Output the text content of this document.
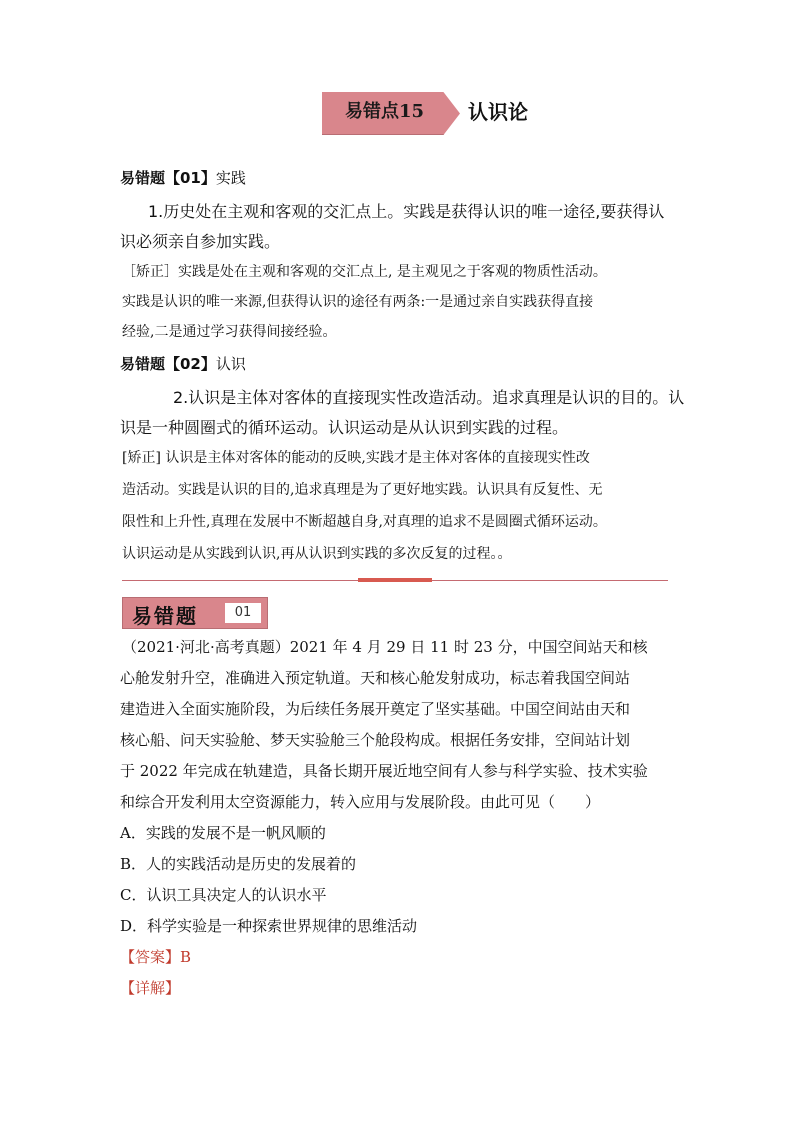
易错点15 认识论
易错题【01】实践
1.历史处在主观和客观的交汇点上。实践是获得认识的唯一途径,要获得认
识必须亲自参加实践。
［矫正］实践是处在主观和客观的交汇点上, 是主观见之于客观的物质性活动。
实践是认识的唯一来源,但获得认识的途径有两条:一是通过亲自实践获得直接
经验,二是通过学习获得间接经验。
易错题【02】认识
2.认识是主体对客体的直接现实性改造活动。追求真理是认识的目的。认
识是一种圆圈式的循环运动。认识运动是从认识到实践的过程。
[矫正] 认识是主体对客体的能动的反映,实践才是主体对客体的直接现实性改
造活动。实践是认识的目的,追求真理是为了更好地实践。认识具有反复性、无
限性和上升性,真理在发展中不断超越自身,对真理的追求不是圆圈式循环运动。
认识运动是从实践到认识,再从认识到实践的多次反复的过程。。
易错题	01
（2021·河北·高考真题）2021 年 4 月 29 日 11 时 23 分，中国空间站天和核
心舱发射升空，准确进入预定轨道。天和核心舱发射成功，标志着我国空间站
建造进入全面实施阶段，为后续任务展开奠定了坚实基础。中国空间站由天和
核心船、问天实验舱、梦天实验舱三个舱段构成。根据任务安排，空间站计划
于 2022 年完成在轨建造，具备长期开展近地空间有人参与科学实验、技术实验
和综合开发利用太空资源能力，转入应用与发展阶段。由此可见（　　）
A．实践的发展不是一帆风顺的
B．人的实践活动是历史的发展着的
C．认识工具决定人的认识水平
D．科学实验是一种探索世界规律的思维活动
【答案】B
【详解】
